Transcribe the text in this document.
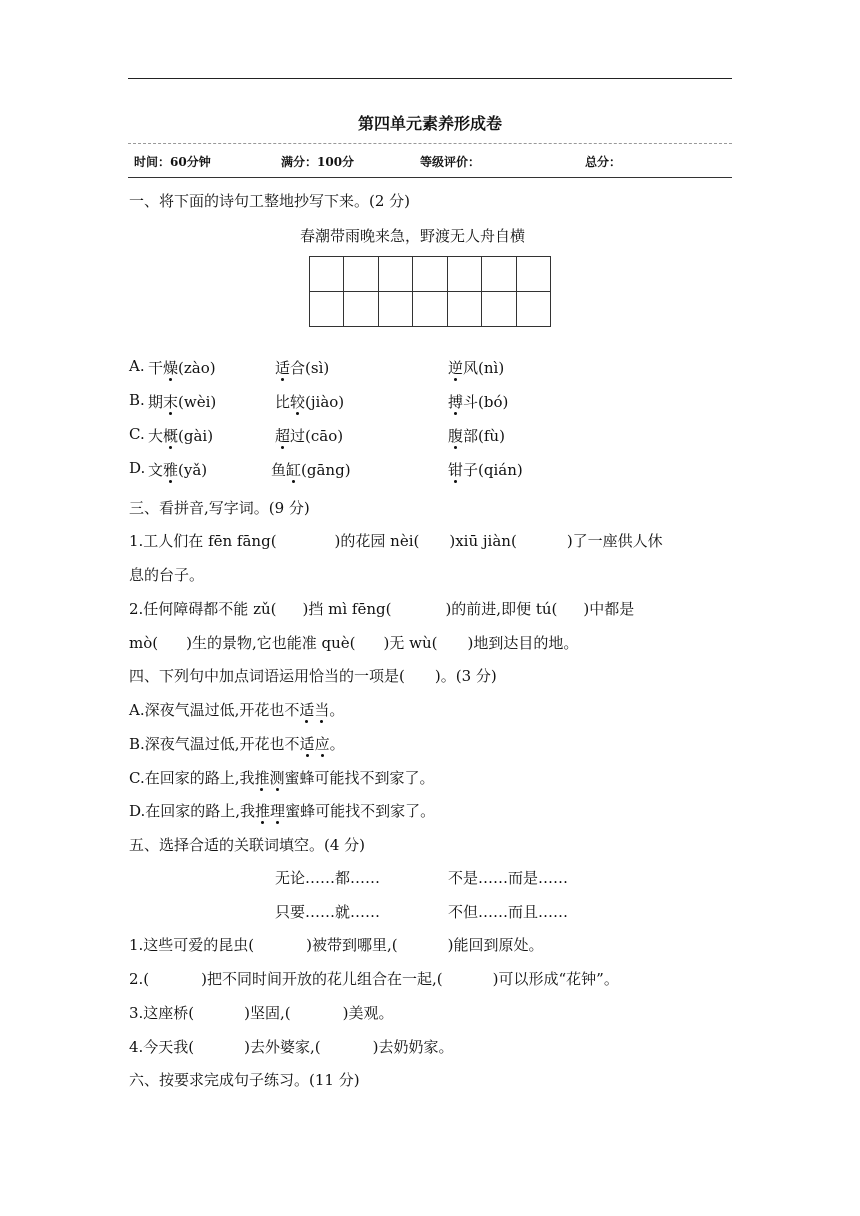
第四单元素养形成卷
时间：60分钟	满分：100分	等级评价：	总分：
一、将下面的诗句工整地抄写下来。(2 分)
春潮带雨晚来急，野渡无人舟自横
A. 干燥(zào)	适合(sì)	逆风(nì)
B. 期末(wèi)	比较(jiào)	搏斗(bó)
C. 大概(gài)	超过(cāo)	腹部(fù)
D. 文雅(yǎ)	鱼缸(gāng)	钳子(qián)
三、看拼音,写字词。(9 分)
1.工人们在 fēn fāng(	)的花园 nèi( )xiū jiàn(	)了一座供人休
息的台子。
2.任何障碍都不能 zǔ( )挡 mì fēng(	)的前进,即便 tú( )中都是
mò( )生的景物,它也能准 què( )无 wù( )地到达目的地。
四、下列句中加点词语运用恰当的一项是( )。(3 分)
A.深夜气温过低,开花也不适当。
B.深夜气温过低,开花也不适应。
C.在回家的路上,我推测蜜蜂可能找不到家了。
D.在回家的路上,我推理蜜蜂可能找不到家了。
五、选择合适的关联词填空。(4 分)
无论……都……	不是……而是……
只要……就……	不但……而且……
1.这些可爱的昆虫(	)被带到哪里,(	)能回到原处。
2.(	)把不同时间开放的花儿组合在一起,(	)可以形成“花钟”。
3.这座桥(	)坚固,(	)美观。
4.今天我(	)去外婆家,(	)去奶奶家。
六、按要求完成句子练习。(11 分)
